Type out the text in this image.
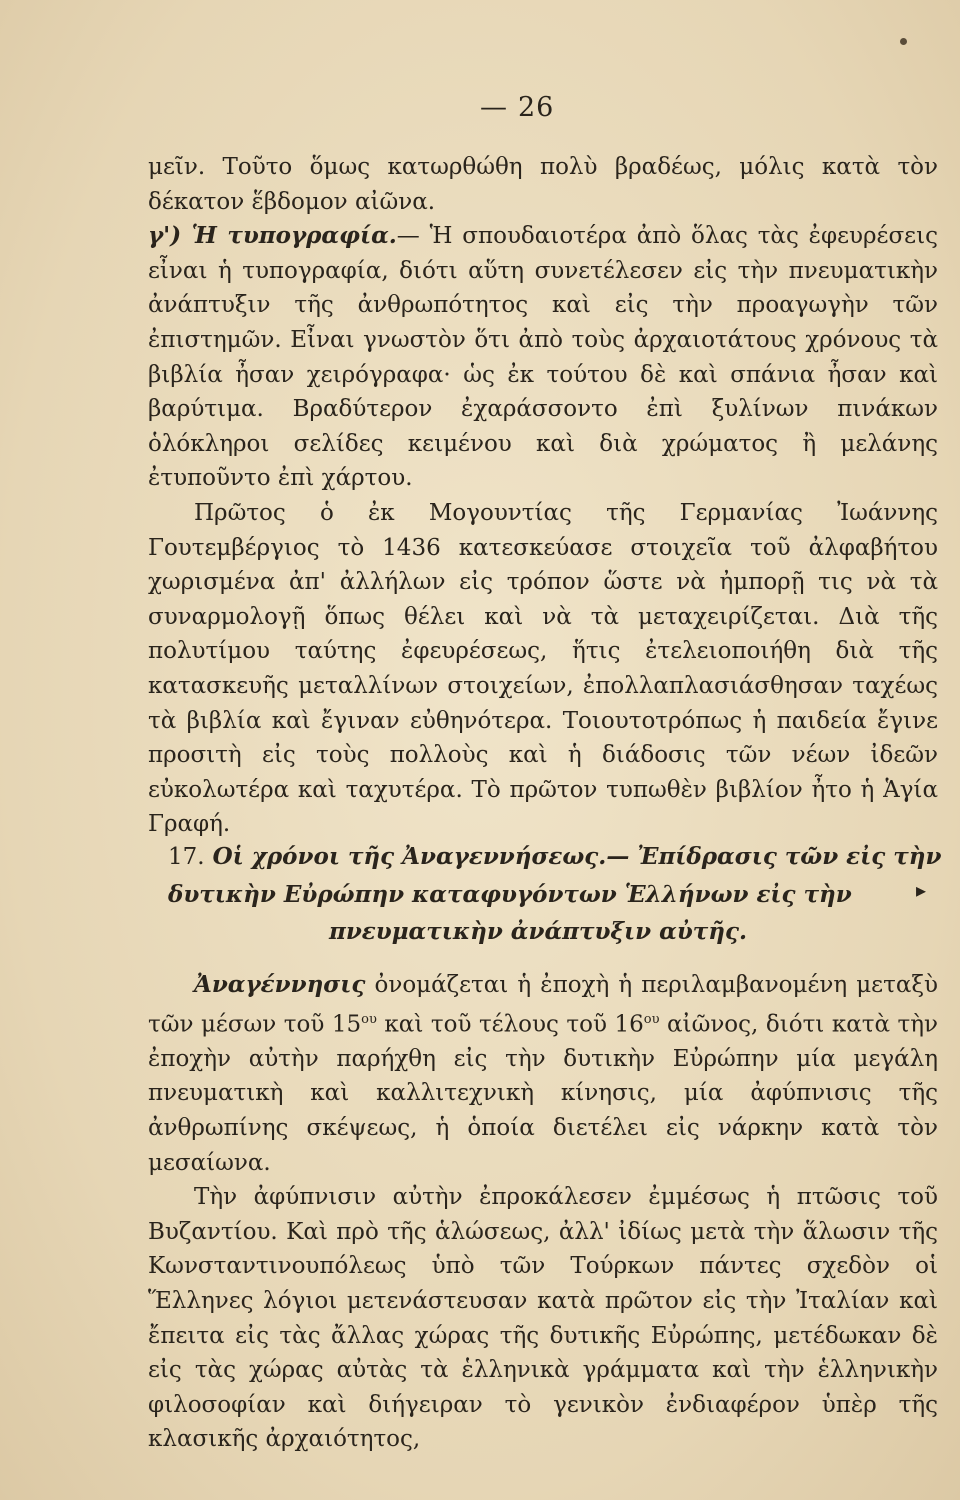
— 26
μεῖν. Τοῦτο ὅμως κατωρθώθη πολὺ βραδέως, μόλις κατὰ τὸν δέκατον ἕβδομον αἰῶνα.
γ') Ἡ τυπογραφία.— Ἡ σπουδαιοτέρα ἀπὸ ὅλας τὰς ἐφευρέσεις εἶναι ἡ τυπογραφία, διότι αὕτη συνετέλεσεν εἰς τὴν πνευματικὴν ἀνάπτυξιν τῆς ἀνθρωπότητος καὶ εἰς τὴν προαγωγὴν τῶν ἐπιστημῶν. Εἶναι γνωστὸν ὅτι ἀπὸ τοὺς ἀρχαιοτάτους χρόνους τὰ βιβλία ἦσαν χειρόγραφα· ὡς ἐκ τούτου δὲ καὶ σπάνια ἦσαν καὶ βαρύτιμα. Βραδύτερον ἐχαράσσοντο ἐπὶ ξυλίνων πινάκων ὁλόκληροι σελίδες κειμένου καὶ διὰ χρώματος ἢ μελάνης ἐτυποῦντο ἐπὶ χάρτου.
Πρῶτος ὁ ἐκ Μογουντίας τῆς Γερμανίας Ἰωάννης Γουτεμβέργιος τὸ 1436 κατεσκεύασε στοιχεῖα τοῦ ἀλφαβήτου χωρισμένα ἀπ' ἀλλήλων εἰς τρόπον ὥστε νὰ ἠμπορῇ τις νὰ τὰ συναρμολογῇ ὅπως θέλει καὶ νὰ τὰ μεταχειρίζεται. Διὰ τῆς πολυτίμου ταύτης ἐφευρέσεως, ἥτις ἐτελειοποιήθη διὰ τῆς κατασκευῆς μεταλλίνων στοιχείων, ἐπολλαπλασιάσθησαν ταχέως τὰ βιβλία καὶ ἔγιναν εὐθηνότερα. Τοιουτοτρόπως ἡ παιδεία ἔγινε προσιτὴ εἰς τοὺς πολλοὺς καὶ ἡ διάδοσις τῶν νέων ἰδεῶν εὐκολωτέρα καὶ ταχυτέρα. Τὸ πρῶτον τυπωθὲν βιβλίον ἦτο ἡ Ἁγία Γραφή.
17. Οἱ χρόνοι τῆς Ἀναγεννήσεως.— Ἐπίδρασις τῶν εἰς τὴν
δυτικὴν Εὐρώπην καταφυγόντων Ἑλλήνων εἰς τὴν

πνευματικὴν ἀνάπτυξιν αὐτῆς.
▸
Ἀναγέννησις ὀνομάζεται ἡ ἐποχὴ ἡ περιλαμβανομένη μεταξὺ τῶν μέσων τοῦ $15^{o\upsilon}$ καὶ τοῦ τέλους τοῦ $16^{o\upsilon}$ αἰῶνος, διότι κατὰ τὴν ἐποχὴν αὐτὴν παρήχθη εἰς τὴν δυτικὴν Εὐρώπην μία μεγάλη πνευματικὴ καὶ καλλιτεχνικὴ κίνησις, μία ἀφύπνισις τῆς ἀνθρωπίνης σκέψεως, ἡ ὁποία διετέλει εἰς νάρκην κατὰ τὸν μεσαίωνα.
Τὴν ἀφύπνισιν αὐτὴν ἐπροκάλεσεν ἐμμέσως ἡ πτῶσις τοῦ Βυζαντίου. Καὶ πρὸ τῆς ἁλώσεως, ἀλλ' ἰδίως μετὰ τὴν ἅλωσιν τῆς Κωνσταντινουπόλεως ὑπὸ τῶν Τούρκων πάντες σχεδὸν οἱ Ἕλληνες λόγιοι μετενάστευσαν κατὰ πρῶτον εἰς τὴν Ἰταλίαν καὶ ἔπειτα εἰς τὰς ἄλλας χώρας τῆς δυτικῆς Εὐρώπης, μετέδωκαν δὲ εἰς τὰς χώρας αὐτὰς τὰ ἑλληνικὰ γράμματα καὶ τὴν ἑλληνικὴν φιλοσοφίαν καὶ διήγειραν τὸ γενικὸν ἐνδιαφέρον ὑπὲρ τῆς κλασικῆς ἀρχαιότητος,
